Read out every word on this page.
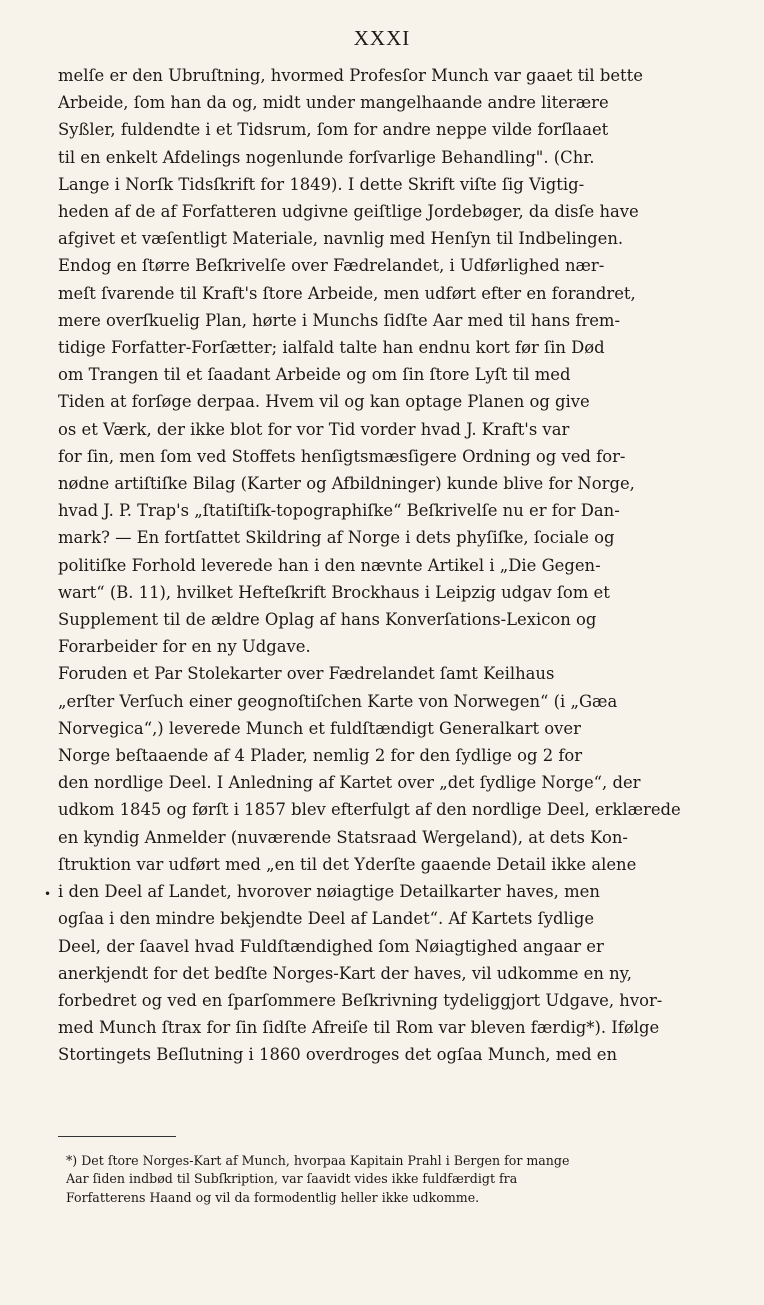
XXXI
melſe er den Ubruſtning, hvormed Profesſor Munch var gaaet til bette
Arbeide, ſom han da og, midt under mangelhaande andre literære
Syßler, fuldendte i et Tidsrum, ſom for andre neppe vilde forſlaaet
til en enkelt Afdelings nogenlunde forſvarlige Behandling". (Chr.
Lange i Norſk Tidsſkrift for 1849). I dette Skrift viſte ſig Vigtig-
heden af de af Forfatteren udgivne geiſtlige Jordebøger, da disſe have
afgivet et væſentligt Materiale, navnlig med Henſyn til Indbelingen.
Endog en ſtørre Beſkrivelſe over Fædrelandet, i Udførlighed nær-
meſt ſvarende til Kraft's ſtore Arbeide, men udført efter en forandret,
mere overſkuelig Plan, hørte i Munchs ſidſte Aar med til hans frem-
tidige Forfatter-Forſætter; ialfald talte han endnu kort før ſin Død
om Trangen til et ſaadant Arbeide og om ſin ſtore Lyſt til med
Tiden at forſøge derpaa. Hvem vil og kan optage Planen og give
os et Værk, der ikke blot for vor Tid vorder hvad J. Kraft's var
for ſin, men ſom ved Stoffets henſigtsmæsſigere Ordning og ved for-
nødne artiſtiſke Bilag (Karter og Afbildninger) kunde blive for Norge,
hvad J. P. Trap's „ſtatiſtiſk-topographiſke“ Beſkrivelſe nu er for Dan-
mark? — En fortſattet Skildring af Norge i dets phyſiſke, ſociale og
politiſke Forhold leverede han i den nævnte Artikel i „Die Gegen-
wart“ (B. 11), hvilket Hefteſkrift Brockhaus i Leipzig udgav ſom et
Supplement til de ældre Oplag af hans Konverſations-Lexicon og
Forarbeider for en ny Udgave.
Foruden et Par Stolekarter over Fædrelandet ſamt Keilhaus
„erſter Verſuch einer geognoſtiſchen Karte von Norwegen“ (i „Gæa
Norvegica“,) leverede Munch et fuldſtændigt Generalkart over
Norge beſtaaende af 4 Plader, nemlig 2 for den ſydlige og 2 for
den nordlige Deel. I Anledning af Kartet over „det ſydlige Norge“, der
udkom 1845 og førſt i 1857 blev efterfulgt af den nordlige Deel, erklærede
en kyndig Anmelder (nuværende Statsraad Wergeland), at dets Kon-
ſtruktion var udført med „en til det Yderſte gaaende Detail ikke alene
i den Deel af Landet, hvorover nøiagtige Detailkarter haves, men
ogſaa i den mindre bekjendte Deel af Landet“. Af Kartets ſydlige
Deel, der ſaavel hvad Fuldſtændighed ſom Nøiagtighed angaar er
anerkjendt for det bedſte Norges-Kart der haves, vil udkomme en ny,
forbedret og ved en ſparſommere Beſkrivning tydeliggjort Udgave, hvor-
med Munch ſtrax for ſin ſidſte Afreiſe til Rom var bleven færdig*). Ifølge
Stortingets Beſlutning i 1860 overdroges det ogſaa Munch, med en
•
*) Det ſtore Norges-Kart af Munch, hvorpaa Kapitain Prahl i Bergen for mange
Aar ſiden indbød til Subſkription, var ſaavidt vides ikke fuldfærdigt fra
Forfatterens Haand og vil da formodentlig heller ikke udkomme.
